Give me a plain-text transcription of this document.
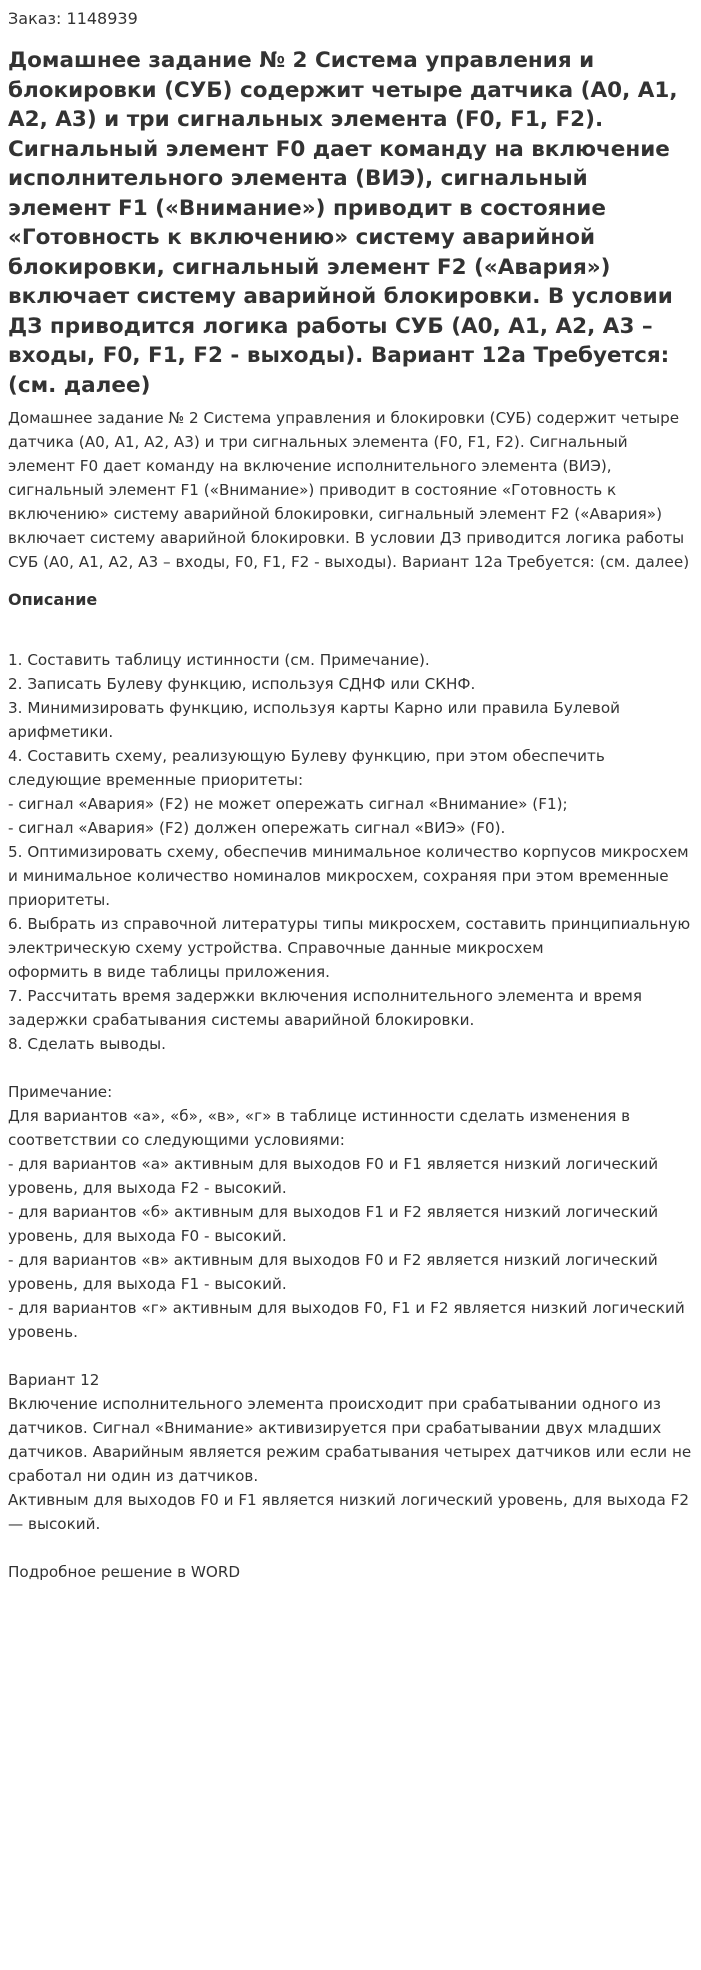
Заказ: 1148939
Домашнее задание № 2 Система управления и блокировки (СУБ) содержит четыре датчика (А0, А1, А2, А3) и три сигнальных элемента (F0, F1, F2). Сигнальный элемент F0 дает команду на включение исполнительного элемента (ВИЭ), сигнальный элемент F1 («Внимание») приводит в состояние «Готовность к включению» систему аварийной блокировки, сигнальный элемент F2 («Авария») включает систему аварийной блокировки. В условии ДЗ приводится логика работы СУБ (А0, А1, А2, А3 – входы, F0, F1, F2 - выходы). Вариант 12а Требуется: (см. далее)
Домашнее задание № 2 Система управления и блокировки (СУБ) содержит четыре датчика (А0, А1, А2, А3) и три сигнальных элемента (F0, F1, F2). Сигнальный элемент F0 дает команду на включение исполнительного элемента (ВИЭ), сигнальный элемент F1 («Внимание») приводит в состояние «Готовность к включению» систему аварийной блокировки, сигнальный элемент F2 («Авария») включает систему аварийной блокировки. В условии ДЗ приводится логика работы СУБ (А0, А1, А2, А3 – входы, F0, F1, F2 - выходы). Вариант 12а Требуется: (см. далее)
Описание
1. Составить таблицу истинности (см. Примечание).
2. Записать Булеву функцию, используя СДНФ или СКНФ.
3. Минимизировать функцию, используя карты Карно или правила Булевой арифметики.
4. Составить схему, реализующую Булеву функцию, при этом обеспечить следующие временные приоритеты:
- сигнал «Авария» (F2) не может опережать сигнал «Внимание» (F1);
- сигнал «Авария» (F2) должен опережать сигнал «ВИЭ» (F0).
5. Оптимизировать схему, обеспечив минимальное количество корпусов микросхем и минимальное количество номиналов микросхем, сохраняя при этом временные приоритеты.
6. Выбрать из справочной литературы типы микросхем, составить принципиальную электрическую схему устройства. Справочные данные микросхем
оформить в виде таблицы приложения.
7. Рассчитать время задержки включения исполнительного элемента и время задержки срабатывания системы аварийной блокировки.
8. Сделать выводы.
Примечание:
Для вариантов «а», «б», «в», «г» в таблице истинности сделать изменения в соответствии со следующими условиями:
- для вариантов «а» активным для выходов F0 и F1 является низкий логический уровень, для выхода F2 - высокий.
- для вариантов «б» активным для выходов F1 и F2 является низкий логический уровень, для выхода F0 - высокий.
- для вариантов «в» активным для выходов F0 и F2 является низкий логический уровень, для выхода F1 - высокий.
- для вариантов «г» активным для выходов F0, F1 и F2 является низкий логический уровень.
Вариант 12
Включение исполнительного элемента происходит при срабатывании одного из датчиков. Сигнал «Внимание» активизируется при срабатывании двух младших датчиков. Аварийным является режим срабатывания четырех датчиков или если не сработал ни один из датчиков.
Активным для выходов F0 и F1 является низкий логический уровень, для выхода F2 — высокий.
Подробное решение в WORD
